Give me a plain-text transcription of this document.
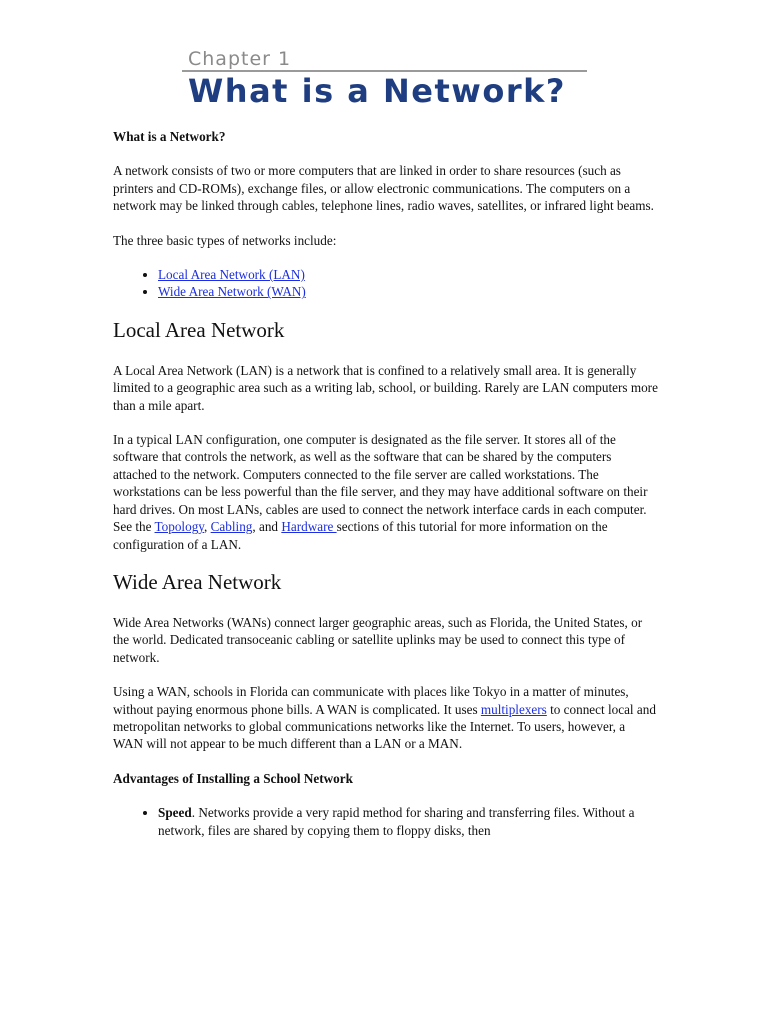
Chapter 1
What is a Network?

What is a Network?

A network consists of two or more computers that are linked in order to share resources (such as printers and CD-ROMs), exchange files, or allow electronic communications. The computers on a network may be linked through cables, telephone lines, radio waves, satellites, or infrared light beams.

The three basic types of networks include:

• Local Area Network (LAN)
• Wide Area Network (WAN)
Local Area Network

A Local Area Network (LAN) is a network that is confined to a relatively small area. It is generally limited to a geographic area such as a writing lab, school, or building. Rarely are LAN computers more than a mile apart.

In a typical LAN configuration, one computer is designated as the file server. It stores all of the software that controls the network, as well as the software that can be shared by the computers attached to the network. Computers connected to the file server are called workstations. The workstations can be less powerful than the file server, and they may have additional software on their hard drives. On most LANs, cables are used to connect the network interface cards in each computer. See the Topology, Cabling, and Hardware sections of this tutorial for more information on the configuration of a LAN.

Wide Area Network

Wide Area Networks (WANs) connect larger geographic areas, such as Florida, the United States, or the world. Dedicated transoceanic cabling or satellite uplinks may be used to connect this type of network.

Using a WAN, schools in Florida can communicate with places like Tokyo in a matter of minutes, without paying enormous phone bills. A WAN is complicated. It uses multiplexers to connect local and metropolitan networks to global communications networks like the Internet. To users, however, a WAN will not appear to be much different than a LAN or a MAN.

Advantages of Installing a School Network

• Speed. Networks provide a very rapid method for sharing and transferring files. Without a network, files are shared by copying them to floppy disks, then
